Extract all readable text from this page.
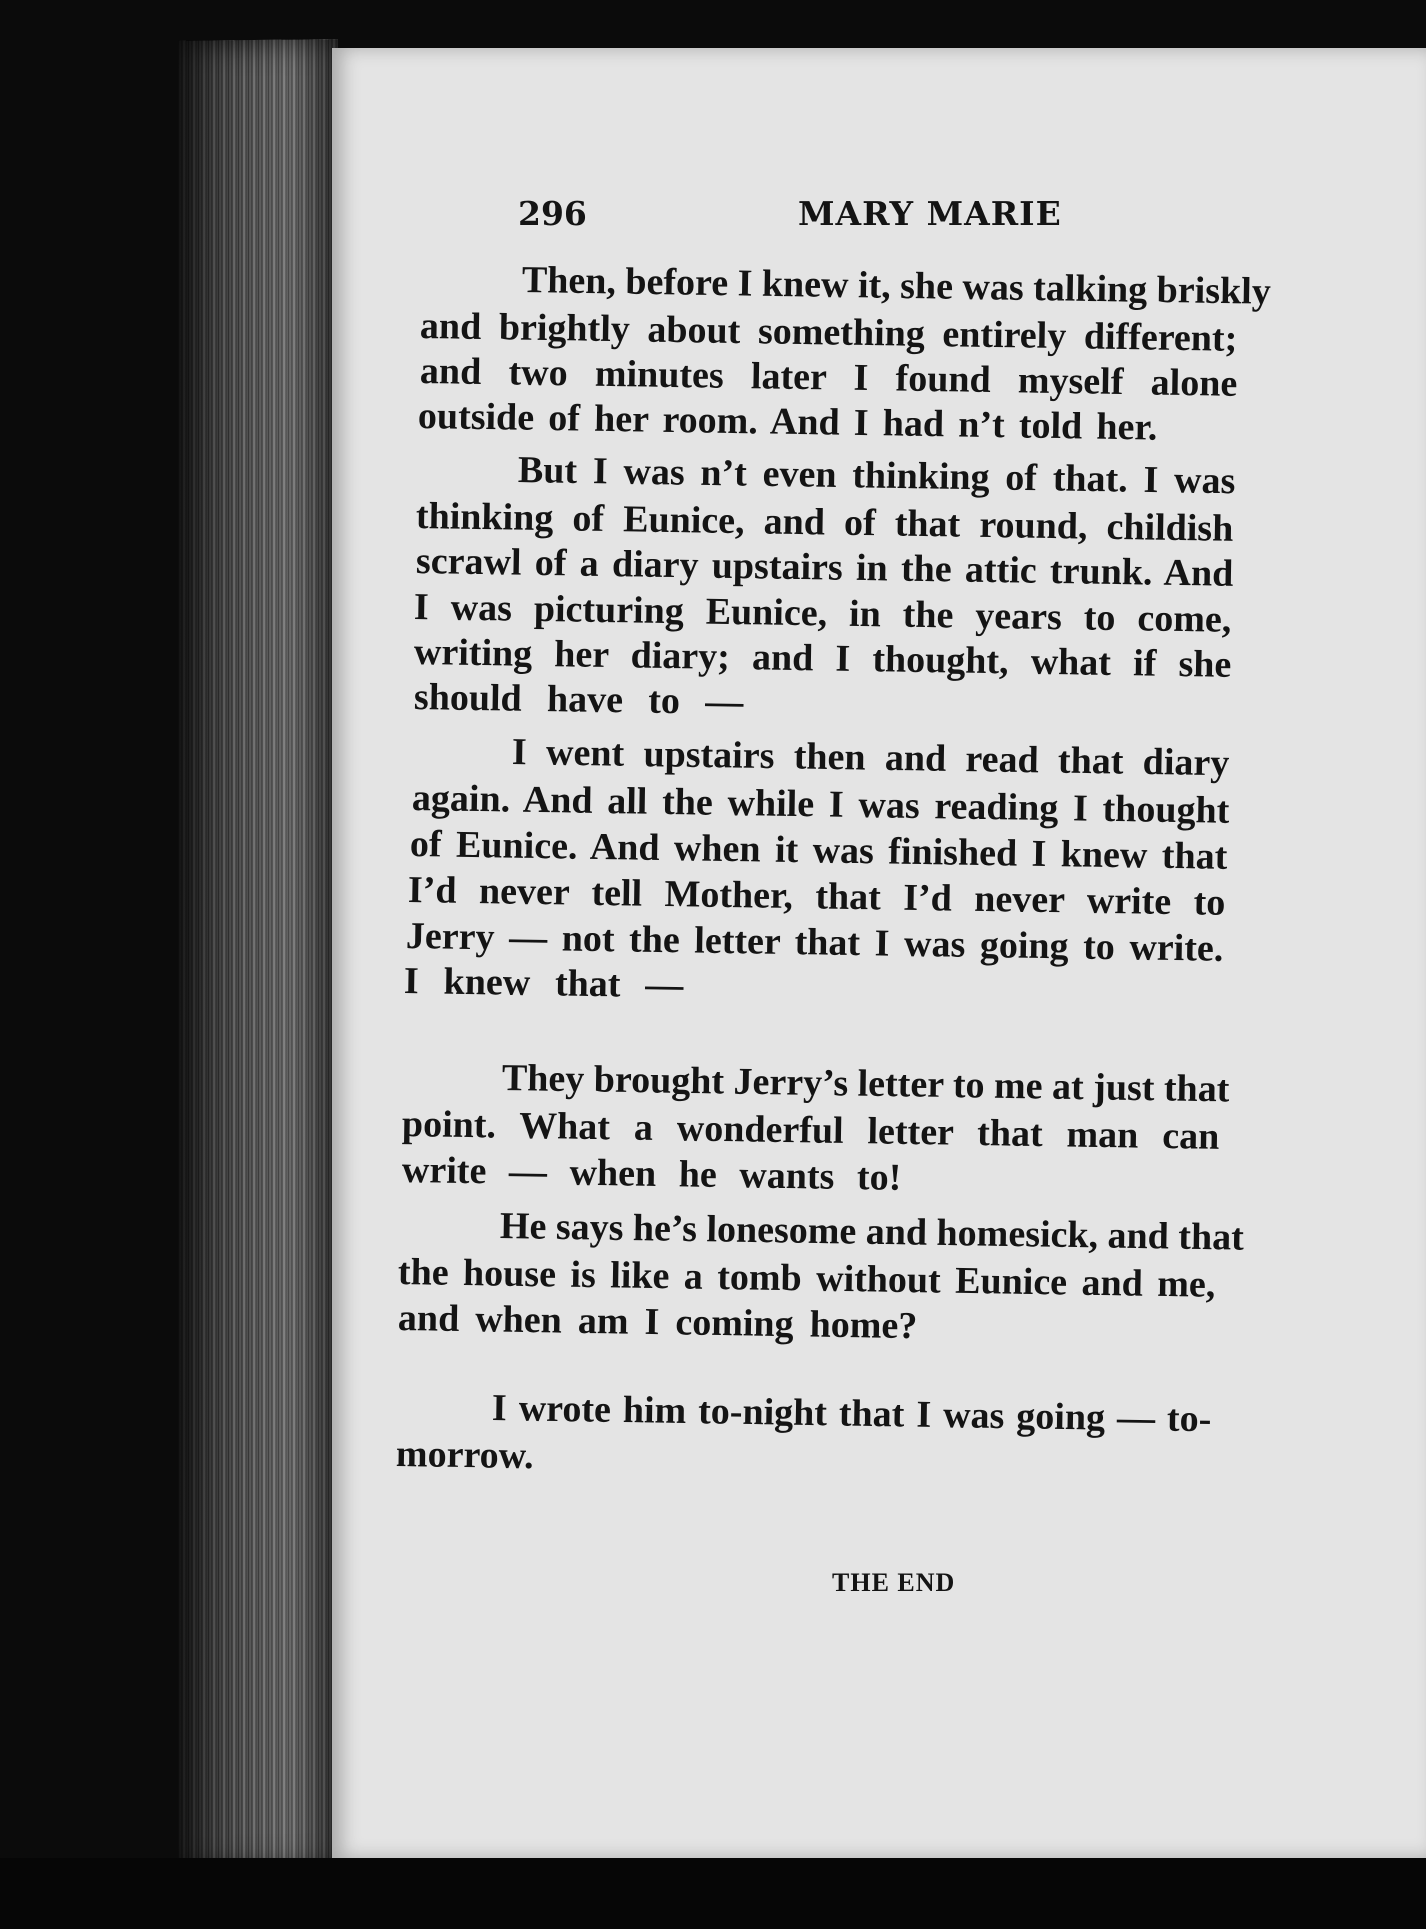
296	MARY MARIE
Then, before I knew it, she was talking briskly
and brightly about something entirely different;
and two minutes later I found myself alone
outside of her room. And I had n’t told her.
But I was n’t even thinking of that. I was
thinking of Eunice, and of that round, childish
scrawl of a diary upstairs in the attic trunk. And
I was picturing Eunice, in the years to come,
writing her diary; and I thought, what if she
should have to —
I went upstairs then and read that diary
again. And all the while I was reading I thought
of Eunice. And when it was finished I knew that
I’d never tell Mother, that I’d never write to
Jerry — not the letter that I was going to write.
I knew that —
They brought Jerry’s letter to me at just that
point. What a wonderful letter that man can
write — when he wants to!
He says he’s lonesome and homesick, and that
the house is like a tomb without Eunice and me,
and when am I coming home?
I wrote him to-night that I was going — to-
morrow.
THE END
